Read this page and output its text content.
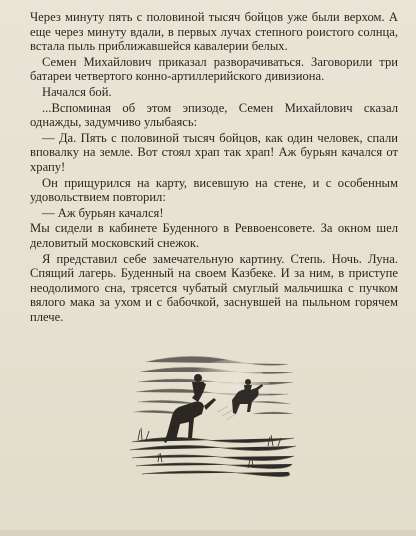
Через минуту пять с половиной тысяч бойцов уже были верхом. А еще через минуту вдали, в первых лучах степного роистого солнца, встала пыль приближавшейся кавалерии белых.

Семен Михайлович приказал разворачиваться. Заговорили три батареи четвертого конно-артиллерийского дивизиона.

Начался бой.

...Вспоминая об этом эпизоде, Семен Михайлович сказал однажды, задумчиво улыбаясь:

— Да. Пять с половиной тысяч бойцов, как один человек, спали вповалку на земле. Вот стоял храп так храп! Аж бурьян качался от храпу!

Он прищурился на карту, висевшую на стене, и с особенным удовольствием повторил:

— Аж бурьян качался!

Мы сидели в кабинете Буденного в Реввоенсовете. За окном шел деловитый московский снежок.

Я представил себе замечательную картину. Степь. Ночь. Луна. Спящий лагерь. Буденный на своем Казбеке. И за ним, в приступе неодолимого сна, трясется чубатый смуглый мальчишка с пучком вялого мака за ухом и с бабочкой, заснувшей на пыльном горячем плече.
